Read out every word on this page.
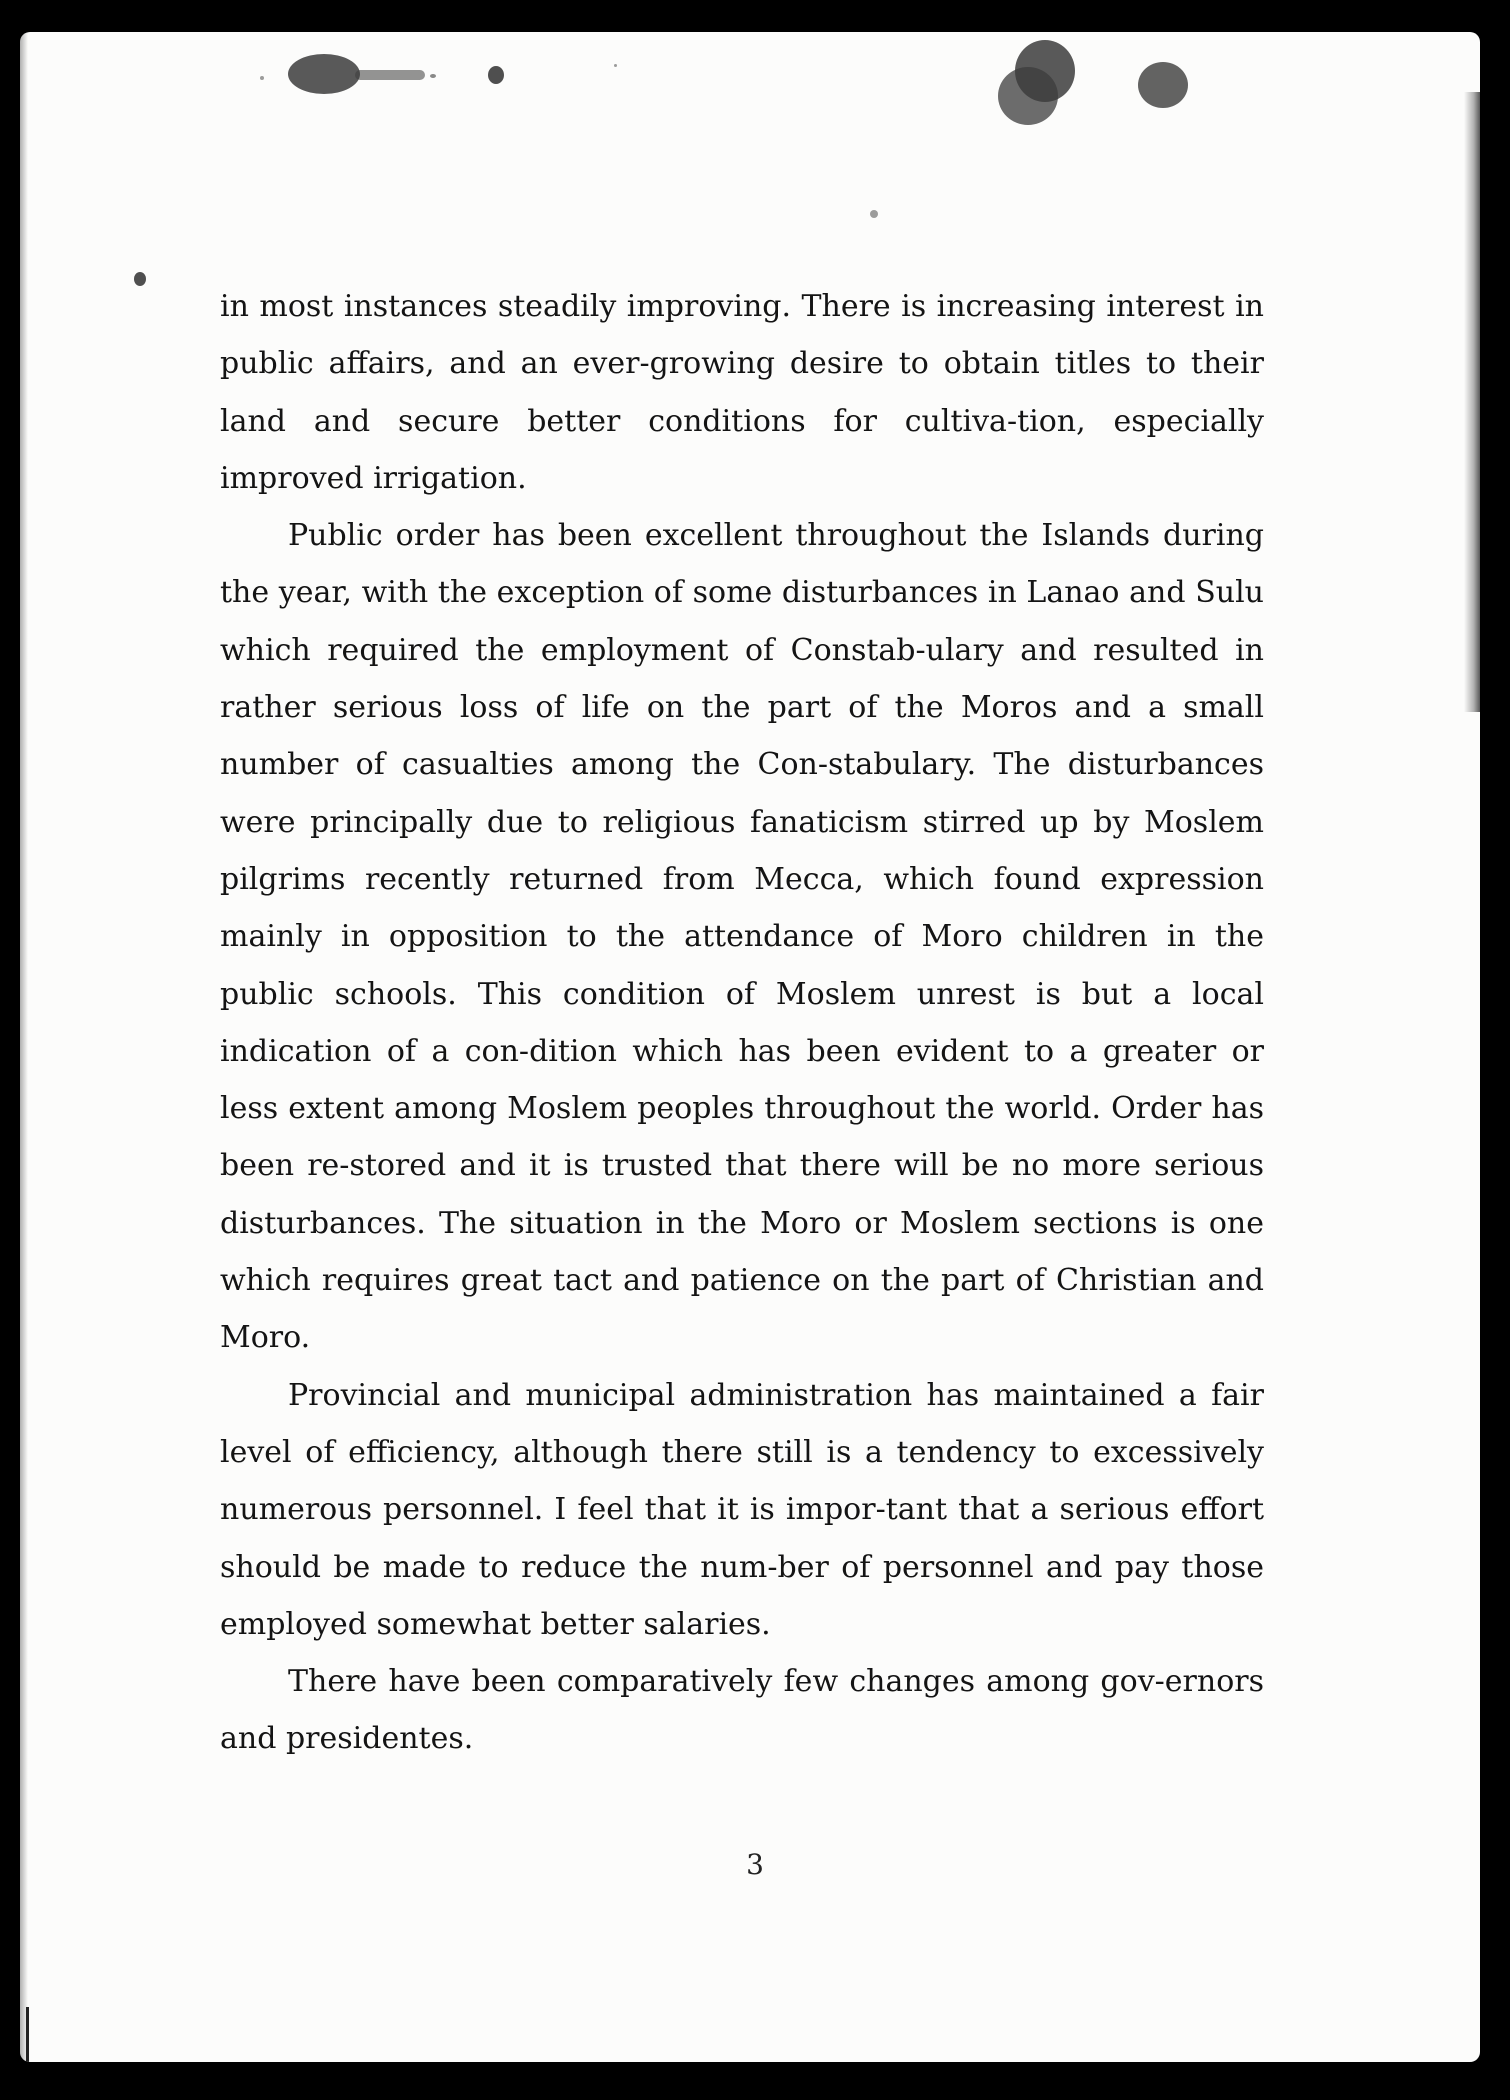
in most instances steadily improving. There is increasing interest in public affairs, and an ever-growing desire to obtain titles to their land and secure better conditions for cultiva-tion, especially improved irrigation.

Public order has been excellent throughout the Islands during the year, with the exception of some disturbances in Lanao and Sulu which required the employment of Constab-ulary and resulted in rather serious loss of life on the part of the Moros and a small number of casualties among the Con-stabulary. The disturbances were principally due to religious fanaticism stirred up by Moslem pilgrims recently returned from Mecca, which found expression mainly in opposition to the attendance of Moro children in the public schools. This condition of Moslem unrest is but a local indication of a con-dition which has been evident to a greater or less extent among Moslem peoples throughout the world. Order has been re-stored and it is trusted that there will be no more serious disturbances. The situation in the Moro or Moslem sections is one which requires great tact and patience on the part of Christian and Moro.

Provincial and municipal administration has maintained a fair level of efficiency, although there still is a tendency to excessively numerous personnel. I feel that it is impor-tant that a serious effort should be made to reduce the num-ber of personnel and pay those employed somewhat better salaries.

There have been comparatively few changes among gov-ernors and presidentes.

3
